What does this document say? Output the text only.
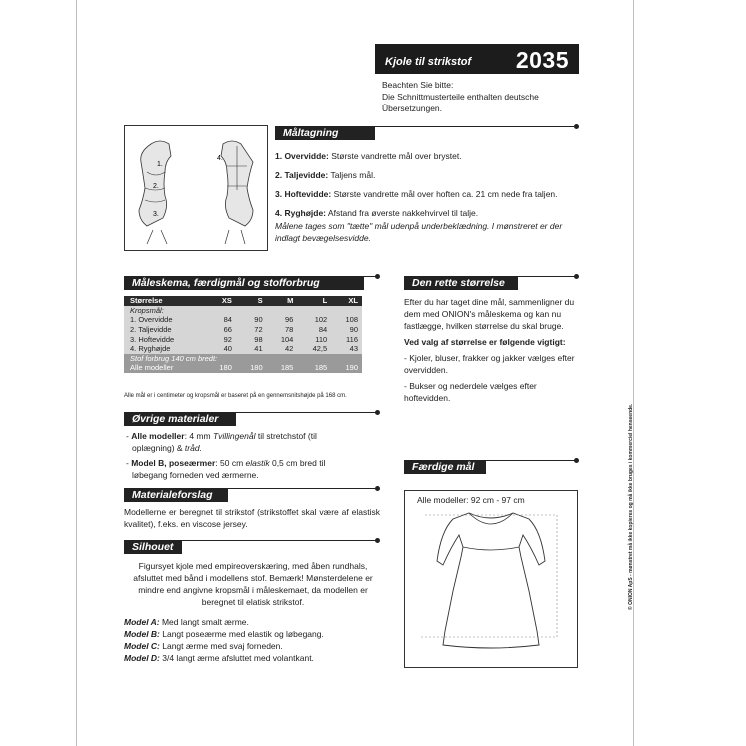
Kjole til strikstof 2035
Beachten Sie bitte:
Die Schnittmusterteile enthalten deutsche
Übersetzungen.
1.
2.
3.
4.
Måltagning

1. Overvidde: Største vandrette mål over brystet.

2. Taljevidde: Taljens mål.

3. Hoftevidde: Største vandrette mål over hoften ca. 21 cm nede fra taljen.

4. Ryghøjde: Afstand fra øverste nakkehvirvel til talje.

Målene tages som "tætte" mål udenpå underbeklædning. I mønstreret er der indlagt bevægelsesvidde.

Måleskema, færdigmål og stofforbrug
Størrelse	XS	S	M	L	XL
Kropsmål:					
1. Overvidde	84	90	96	102	108
2. Taljevidde	66	72	78	84	90
3. Hoftevidde	92	98	104	110	116
4. Ryghøjde	40	41	42	42,5	43
Stof forbrug 140 cm bredt:					
Alle modeller	180	180	185	185	190
Alle mål er i centimeter og kropsmål er baseret på en gennemsnitshøjde på 168 cm.
Øvrige materialer

- Alle modeller: 4 mm Tvillingenål til stretchstof (til oplægning) & tråd.

- Model B, poseærmer: 50 cm elastik 0,5 cm bred til løbegang forneden ved ærmerne.

Materialeforslag
Modellerne er beregnet til strikstof (strikstoffet skal være af elastisk kvalitet), f.eks. en viscose jersey.
Silhouet
Figursyet kjole med empireoverskæring, med åben rundhals, afsluttet med bånd i modellens stof. Bemærk! Mønsterdelene er mindre end angivne kropsmål i måleskemaet, da modellen er beregnet til elatisk strikstof.

Model A: Med langt smalt ærme.

Model B: Langt poseærme med elastik og løbegang.

Model C: Langt ærme med svaj forneden.

Model D: 3/4 langt ærme afsluttet med volantkant.

Den rette størrelse

Efter du har taget dine mål, sammenligner du dem med ONION's måleskema og kan nu fastlægge, hvilken størrelse du skal bruge.

Ved valg af størrelse er følgende vigtigt:

- Kjoler, bluser, frakker og jakker vælges efter overvidden.

- Bukser og nederdele vælges efter hoftevidden.

Færdige mål
Alle modeller: 92 cm - 97 cm	© ONION ApS - mønstret må ikke kopieres og må ikke bruges i kommerciel henseende.
